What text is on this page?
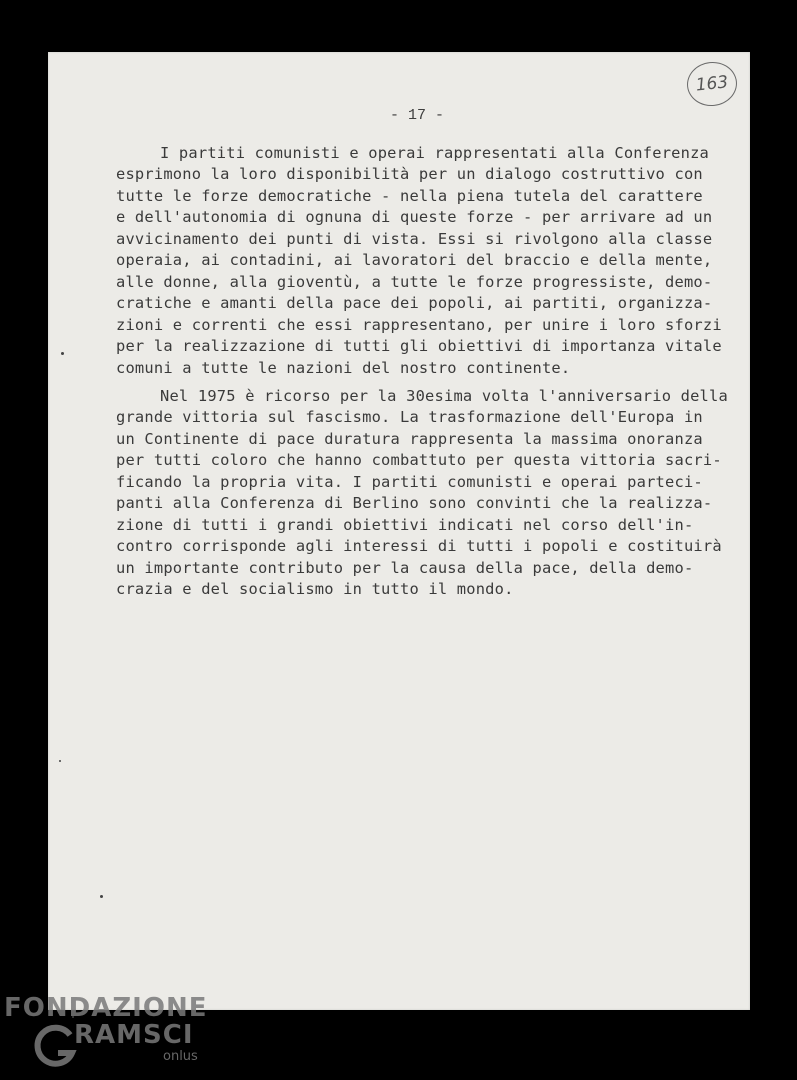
163
- 17 -
I partiti comunisti e operai rappresentati alla Conferenza
esprimono la loro disponibilità per un dialogo costruttivo con
tutte le forze democratiche - nella piena tutela del carattere
e dell'autonomia di ognuna di queste forze - per arrivare ad un
avvicinamento dei punti di vista. Essi si rivolgono alla classe
operaia, ai contadini, ai lavoratori del braccio e della mente,
alle donne, alla gioventù, a tutte le forze progressiste, demo-
cratiche e amanti della pace dei popoli, ai partiti, organizza-
zioni e correnti che essi rappresentano, per unire i loro sforzi
per la realizzazione di tutti gli obiettivi di importanza vitale
comuni a tutte le nazioni del nostro continente.
Nel 1975 è ricorso per la 30esima volta l'anniversario della
grande vittoria sul fascismo. La trasformazione dell'Europa in
un Continente di pace duratura rappresenta la massima onoranza
per tutti coloro che hanno combattuto per questa vittoria sacri-
ficando la propria vita. I partiti comunisti e operai parteci-
panti alla Conferenza di Berlino sono convinti che la realizza-
zione di tutti i grandi obiettivi indicati nel corso dell'in-
contro corrisponde agli interessi di tutti i popoli e costituirà
un importante contributo per la causa della pace, della demo-
crazia e del socialismo in tutto il mondo.
FONDAZIONE
RAMSCI
onlus
